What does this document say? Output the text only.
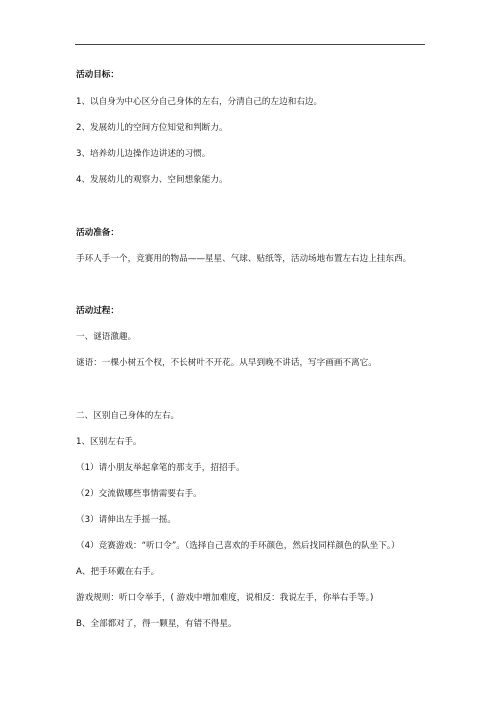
活动目标：
1、以自身为中心区分自己身体的左右，分清自己的左边和右边。
2、发展幼儿的空间方位知觉和判断力。
3、培养幼儿边操作边讲述的习惯。
4、发展幼儿的观察力、空间想象能力。
活动准备：
手环人手一个，竞赛用的物品——星星、气球、贴纸等，活动场地布置左右边上挂东西。
活动过程：
一、谜语激趣。
谜语：一棵小树五个杈，不长树叶不开花。从早到晚不讲话，写字画画不离它。
二、区别自己身体的左右。
1、区别左右手。
（1）请小朋友举起拿笔的那支手，招招手。
（2）交流做哪些事情需要右手。
（3）请伸出左手摇一摇。
（4）竞赛游戏：“听口令”。（选择自己喜欢的手环颜色，然后找同样颜色的队坐下。）
A、把手环戴在右手。
游戏规则：听口令举手，( 游戏中增加难度，说相反：我说左手，你举右手等。)
B、全部都对了，得一颗星，有错不得星。
